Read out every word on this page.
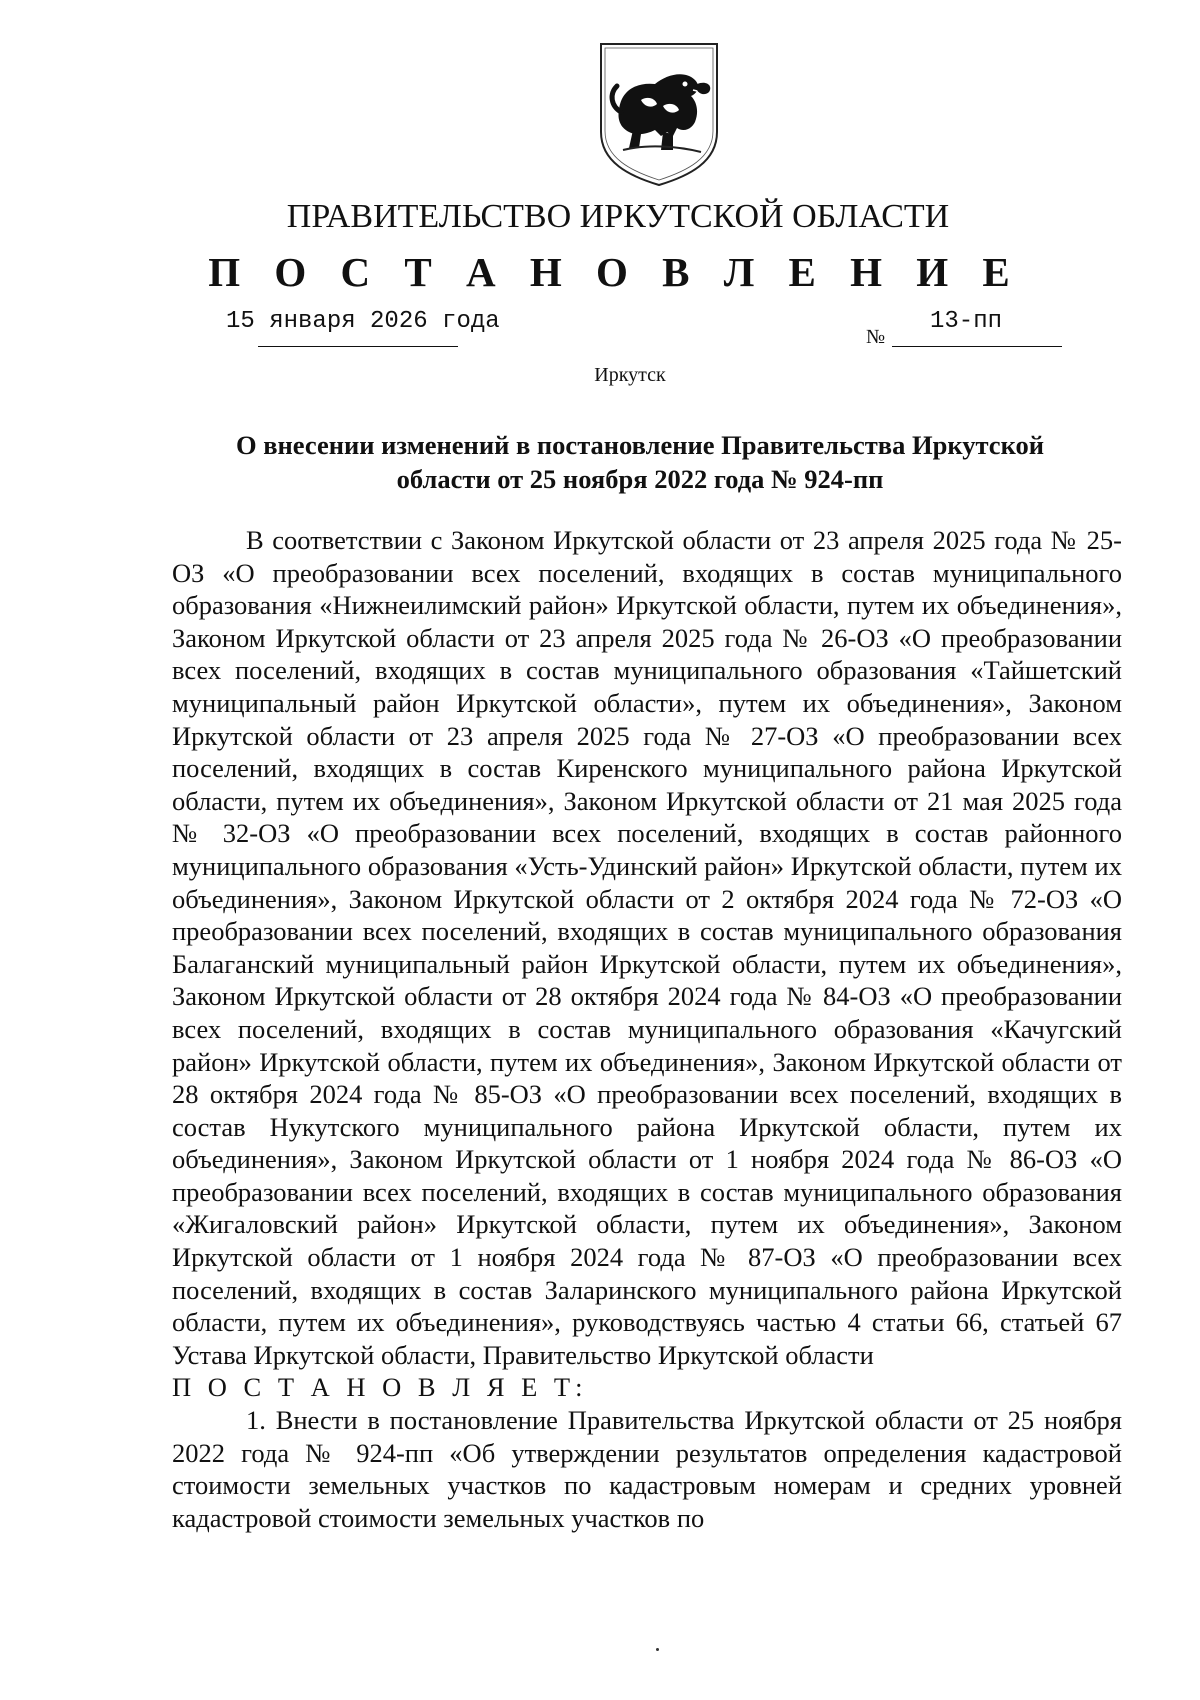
ПРАВИТЕЛЬСТВО ИРКУТСКОЙ ОБЛАСТИ
П О С Т А Н О В Л Е Н И Е
15 января 2026 года
№
13-пп
Иркутск
О внесении изменений в постановление Правительства Иркутской
области от 25 ноября 2022 года № 924-пп

В соответствии с Законом Иркутской области от 23 апреля 2025 года № 25-ОЗ «О преобразовании всех поселений, входящих в состав муниципального образования «Нижнеилимский район» Иркутской области, путем их объединения», Законом Иркутской области от 23 апреля 2025 года № 26-ОЗ «О преобразовании всех поселений, входящих в состав муниципального образования «Тайшетский муниципальный район Иркутской области», путем их объединения», Законом Иркутской области от 23 апреля 2025 года № 27-ОЗ «О преобразовании всех поселений, входящих в состав Киренского муниципального района Иркутской области, путем их объединения», Законом Иркутской области от 21 мая 2025 года № 32-ОЗ «О преобразовании всех поселений, входящих в состав районного муниципального образования «Усть-Удинский район» Иркутской области, путем их объединения», Законом Иркутской области от 2 октября 2024 года № 72-ОЗ «О преобразовании всех поселений, входящих в состав муниципального образования Балаганский муниципальный район Иркутской области, путем их объединения», Законом Иркутской области от 28 октября 2024 года № 84-ОЗ «О преобразовании всех поселений, входящих в состав муниципального образования «Качугский район» Иркутской области, путем их объединения», Законом Иркутской области от 28 октября 2024 года № 85-ОЗ «О преобразовании всех поселений, входящих в состав Нукутского муниципального района Иркутской области, путем их объединения», Законом Иркутской области от 1 ноября 2024 года № 86-ОЗ «О преобразовании всех поселений, входящих в состав муниципального образования «Жигаловский район» Иркутской области, путем их объединения», Законом Иркутской области от 1 ноября 2024 года № 87-ОЗ «О преобразовании всех поселений, входящих в состав Заларинского муниципального района Иркутской области, путем их объединения», руководствуясь частью 4 статьи 66, статьей 67 Устава Иркутской области, Правительство Иркутской области

П О С Т А Н О В Л Я Е Т:

1. Внести в постановление Правительства Иркутской области от 25 ноября 2022 года № 924-пп «Об утверждении результатов определения кадастровой стоимости земельных участков по кадастровым номерам и средних уровней кадастровой стоимости земельных участков по
